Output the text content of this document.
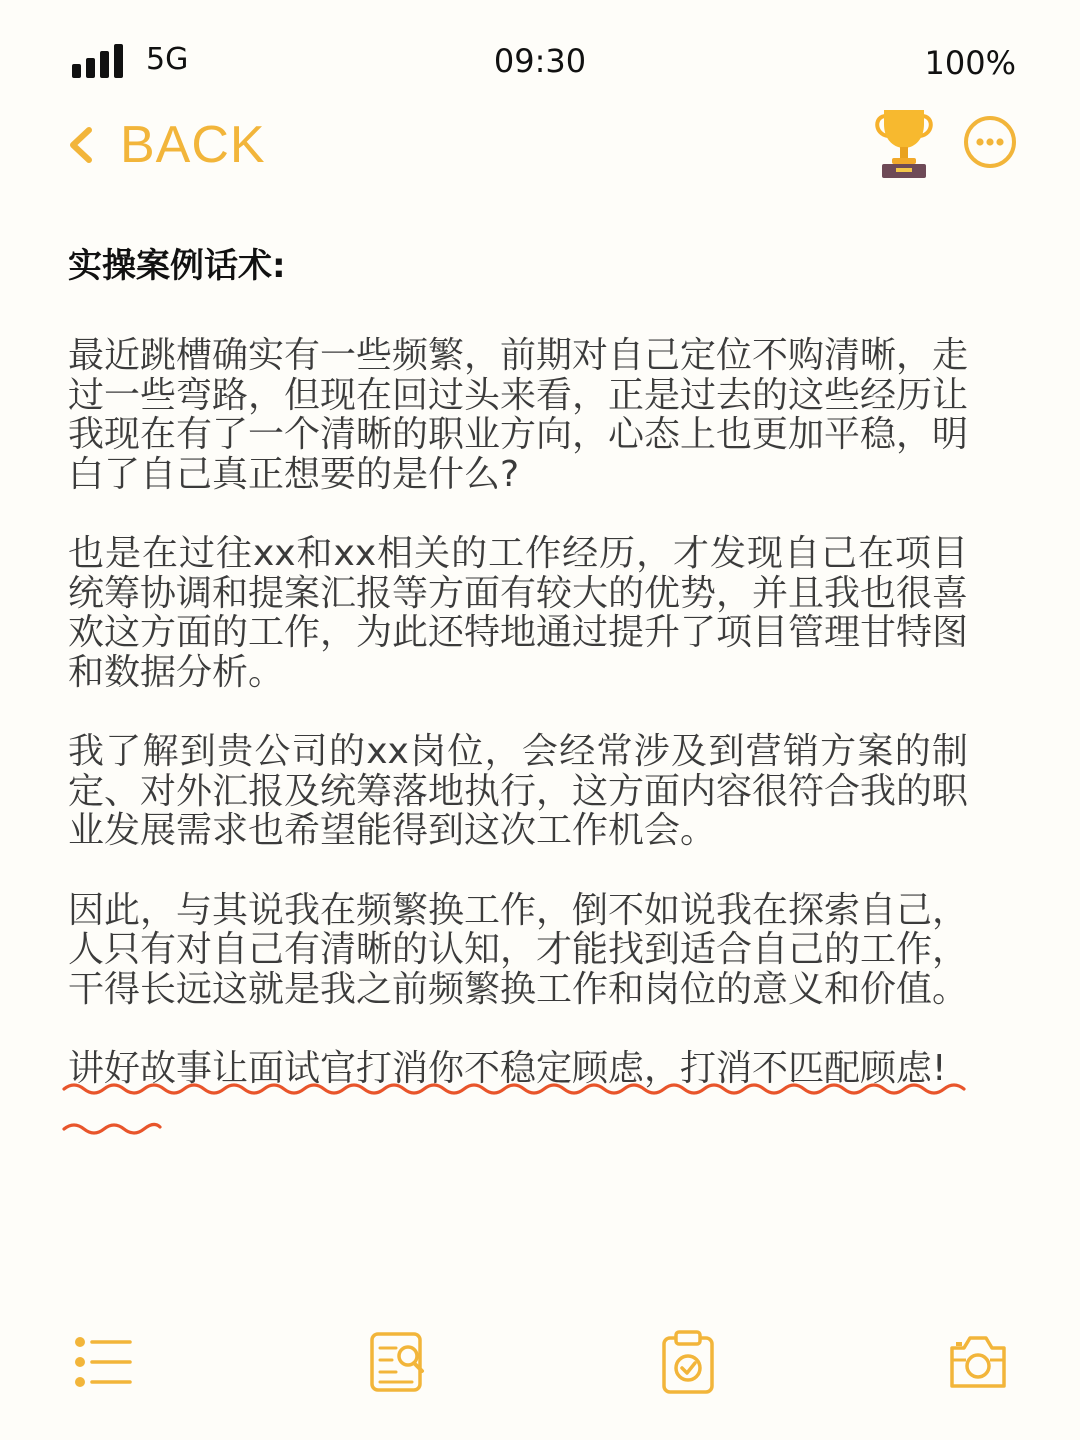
5G	09:30	100%
BACK
实操案例话术:

最近跳槽确实有一些频繁，前期对自己定位不购清晰，走过一些弯路，但现在回过头来看，正是过去的这些经历让我现在有了一个清晰的职业方向，心态上也更加平稳，明白了自己真正想要的是什么?

也是在过往xx和xx相关的工作经历，才发现自己在项目统筹协调和提案汇报等方面有较大的优势，并且我也很喜欢这方面的工作，为此还特地通过提升了项目管理甘特图和数据分析。

我了解到贵公司的xx岗位，会经常涉及到营销方案的制定、对外汇报及统筹落地执行，这方面内容很符合我的职业发展需求也希望能得到这次工作机会。

因此，与其说我在频繁换工作，倒不如说我在探索自己，人只有对自己有清晰的认知，才能找到适合自己的工作，干得长远这就是我之前频繁换工作和岗位的意义和价值。

讲好故事让面试官打消你不稳定顾虑，打消不匹配顾虑!
